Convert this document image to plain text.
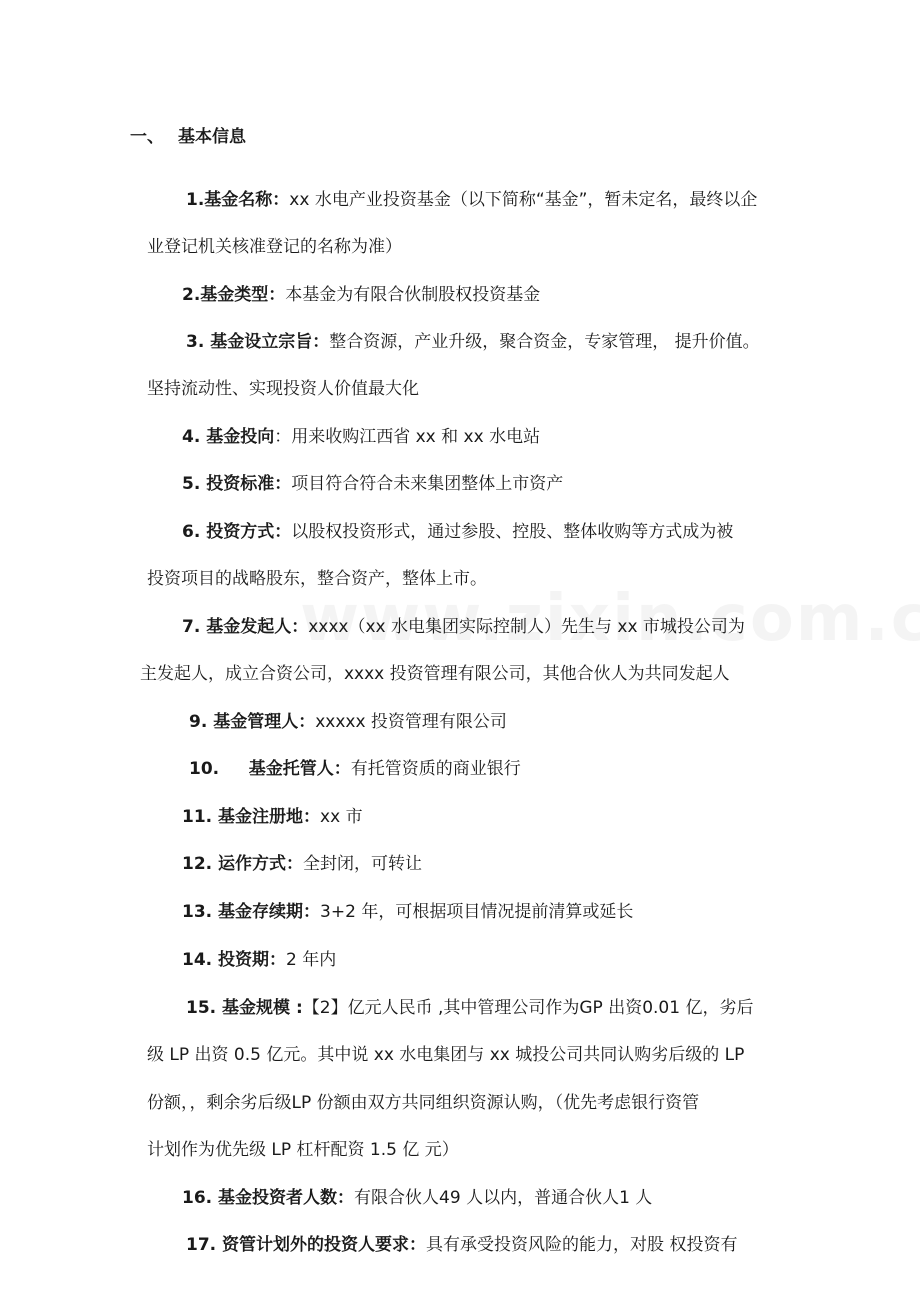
一、 基本信息
1.基金名称：xx 水电产业投资基金（以下简称“基金”，暂未定名，最终以企
业登记机关核准登记的名称为准）
2.基金类型：本基金为有限合伙制股权投资基金
3. 基金设立宗旨：整合资源，产业升级，聚合资金，专家管理， 提升价值。
坚持流动性、实现投资人价值最大化
4. 基金投向：用来收购江西省 xx 和 xx 水电站
5. 投资标准：项目符合符合未来集团整体上市资产
6. 投资方式：以股权投资形式，通过参股、控股、整体收购等方式成为被
投资项目的战略股东，整合资产，整体上市。
7. 基金发起人：xxxx（xx 水电集团实际控制人）先生与 xx 市城投公司为
主发起人，成立合资公司，xxxx 投资管理有限公司，其他合伙人为共同发起人
9. 基金管理人：xxxxx 投资管理有限公司
10.     基金托管人：有托管资质的商业银行
11. 基金注册地：xx 市
12. 运作方式：全封闭，可转让
13. 基金存续期：3+2 年，可根据项目情况提前清算或延长
14. 投资期：2 年内
15. 基金规模 :【2】亿元人民币 ,其中管理公司作为GP 出资0.01 亿，劣后
级 LP 出资 0.5 亿元。其中说 xx 水电集团与 xx 城投公司共同认购劣后级的 LP
份额，，剩余劣后级LP 份额由双方共同组织资源认购，（优先考虑银行资管
计划作为优先级 LP 杠杆配资 1.5 亿 元）
16. 基金投资者人数：有限合伙人49 人以内，普通合伙人1 人
17. 资管计划外的投资人要求：具有承受投资风险的能力，对股 权投资有
